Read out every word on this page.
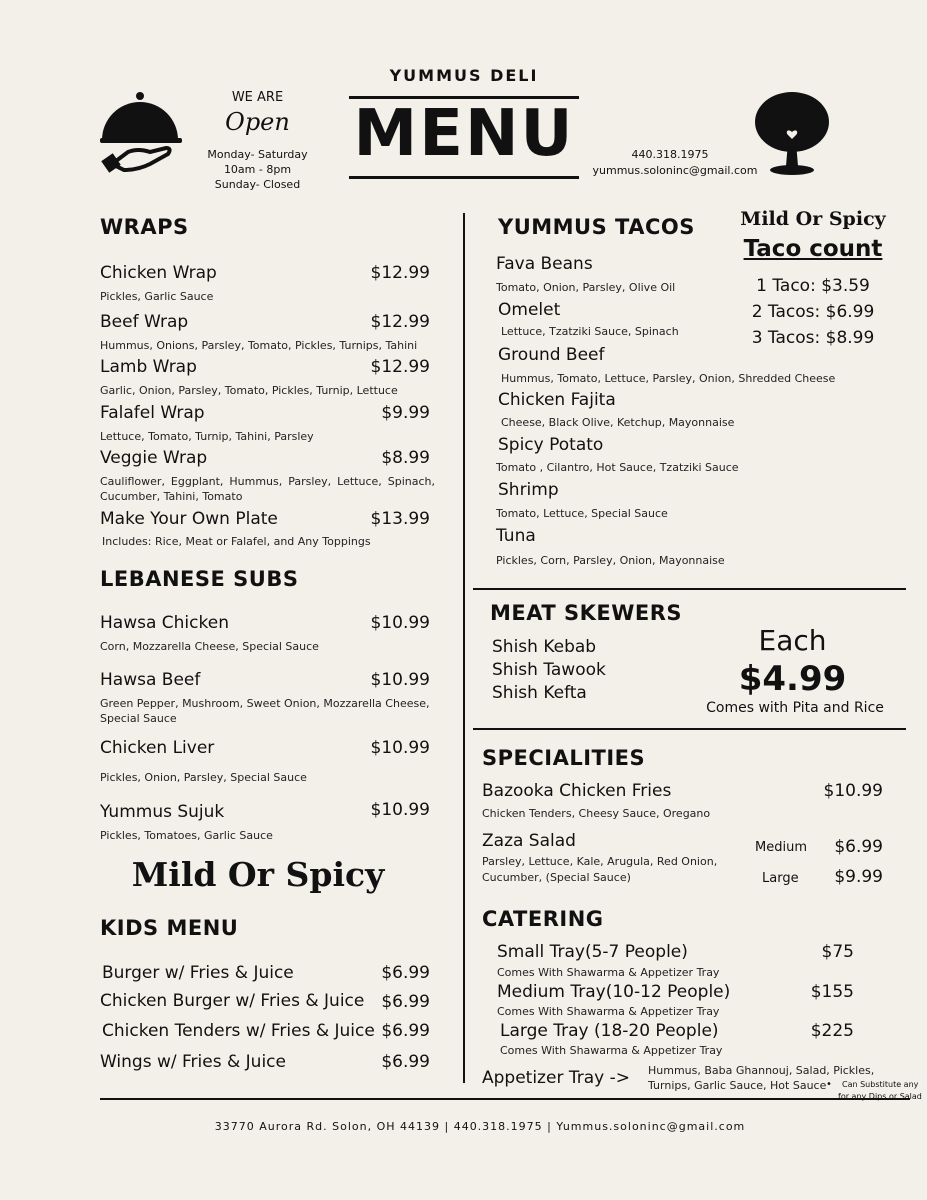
WE ARE
Open
Monday- Saturday
10am - 8pm
Sunday- Closed
YUMMUS DELI
MENU	440.318.1975
yummus.soloninc@gmail.com
WRAPS
Chicken Wrap	$12.99
Pickles, Garlic Sauce
Beef Wrap	$12.99
Hummus, Onions, Parsley, Tomato, Pickles, Turnips, Tahini
Lamb Wrap	$12.99
Garlic, Onion, Parsley, Tomato, Pickles, Turnip, Lettuce
Falafel Wrap	$9.99
Lettuce, Tomato, Turnip, Tahini, Parsley
Veggie Wrap	$8.99
Cauliflower, Eggplant, Hummus, Parsley, Lettuce, Spinach, Cucumber, Tahini, Tomato
Make Your Own Plate	$13.99
Includes: Rice, Meat or Falafel, and Any Toppings
LEBANESE SUBS
Hawsa Chicken	$10.99
Corn, Mozzarella Cheese, Special Sauce
Hawsa Beef	$10.99
Green Pepper, Mushroom, Sweet Onion, Mozzarella Cheese, Special Sauce
Chicken Liver	$10.99
Pickles, Onion, Parsley, Special Sauce
Yummus Sujuk	$10.99
Pickles, Tomatoes, Garlic Sauce
Mild Or Spicy
KIDS MENU
Burger w/ Fries & Juice	$6.99
Chicken Burger w/ Fries & Juice $6.99
Chicken Tenders w/ Fries & Juice $6.99
Wings w/ Fries & Juice	$6.99
YUMMUS TACOS Mild Or Spicy
Taco count
1 Taco: $3.59
2 Tacos: $6.99
3 Tacos: $8.99
Fava Beans
Tomato, Onion, Parsley, Olive Oil
Omelet
Lettuce, Tzatziki Sauce, Spinach
Ground Beef
Hummus, Tomato, Lettuce, Parsley, Onion, Shredded Cheese
Chicken Fajita
Cheese, Black Olive, Ketchup, Mayonnaise
Spicy Potato
Tomato , Cilantro, Hot Sauce, Tzatziki Sauce
Shrimp
Tomato, Lettuce, Special Sauce
Tuna
Pickles, Corn, Parsley, Onion, Mayonnaise
MEAT SKEWERS
Shish Kebab
Shish Tawook
Shish Kefta
Each
$4.99
Comes with Pita and Rice
SPECIALITIES
Bazooka Chicken Fries	$10.99
Chicken Tenders, Cheesy Sauce, Oregano
Zaza Salad
Parsley, Lettuce, Kale, Arugula, Red Onion,
Cucumber, (Special Sauce)
Medium	$6.99
Large	$9.99
CATERING
Small Tray(5-7 People)	$75
Comes With Shawarma & Appetizer Tray
Medium Tray(10-12 People)	$155
Comes With Shawarma & Appetizer Tray
Large Tray (18-20 People)	$225
Comes With Shawarma & Appetizer Tray
Appetizer Tray -> Hummus, Baba Ghannouj, Salad, Pickles,
Turnips, Garlic Sauce, Hot Sauce • Can Substitute any
for any Dips or Salad
33770 Aurora Rd. Solon, OH 44139 | 440.318.1975 | Yummus.soloninc@gmail.com
